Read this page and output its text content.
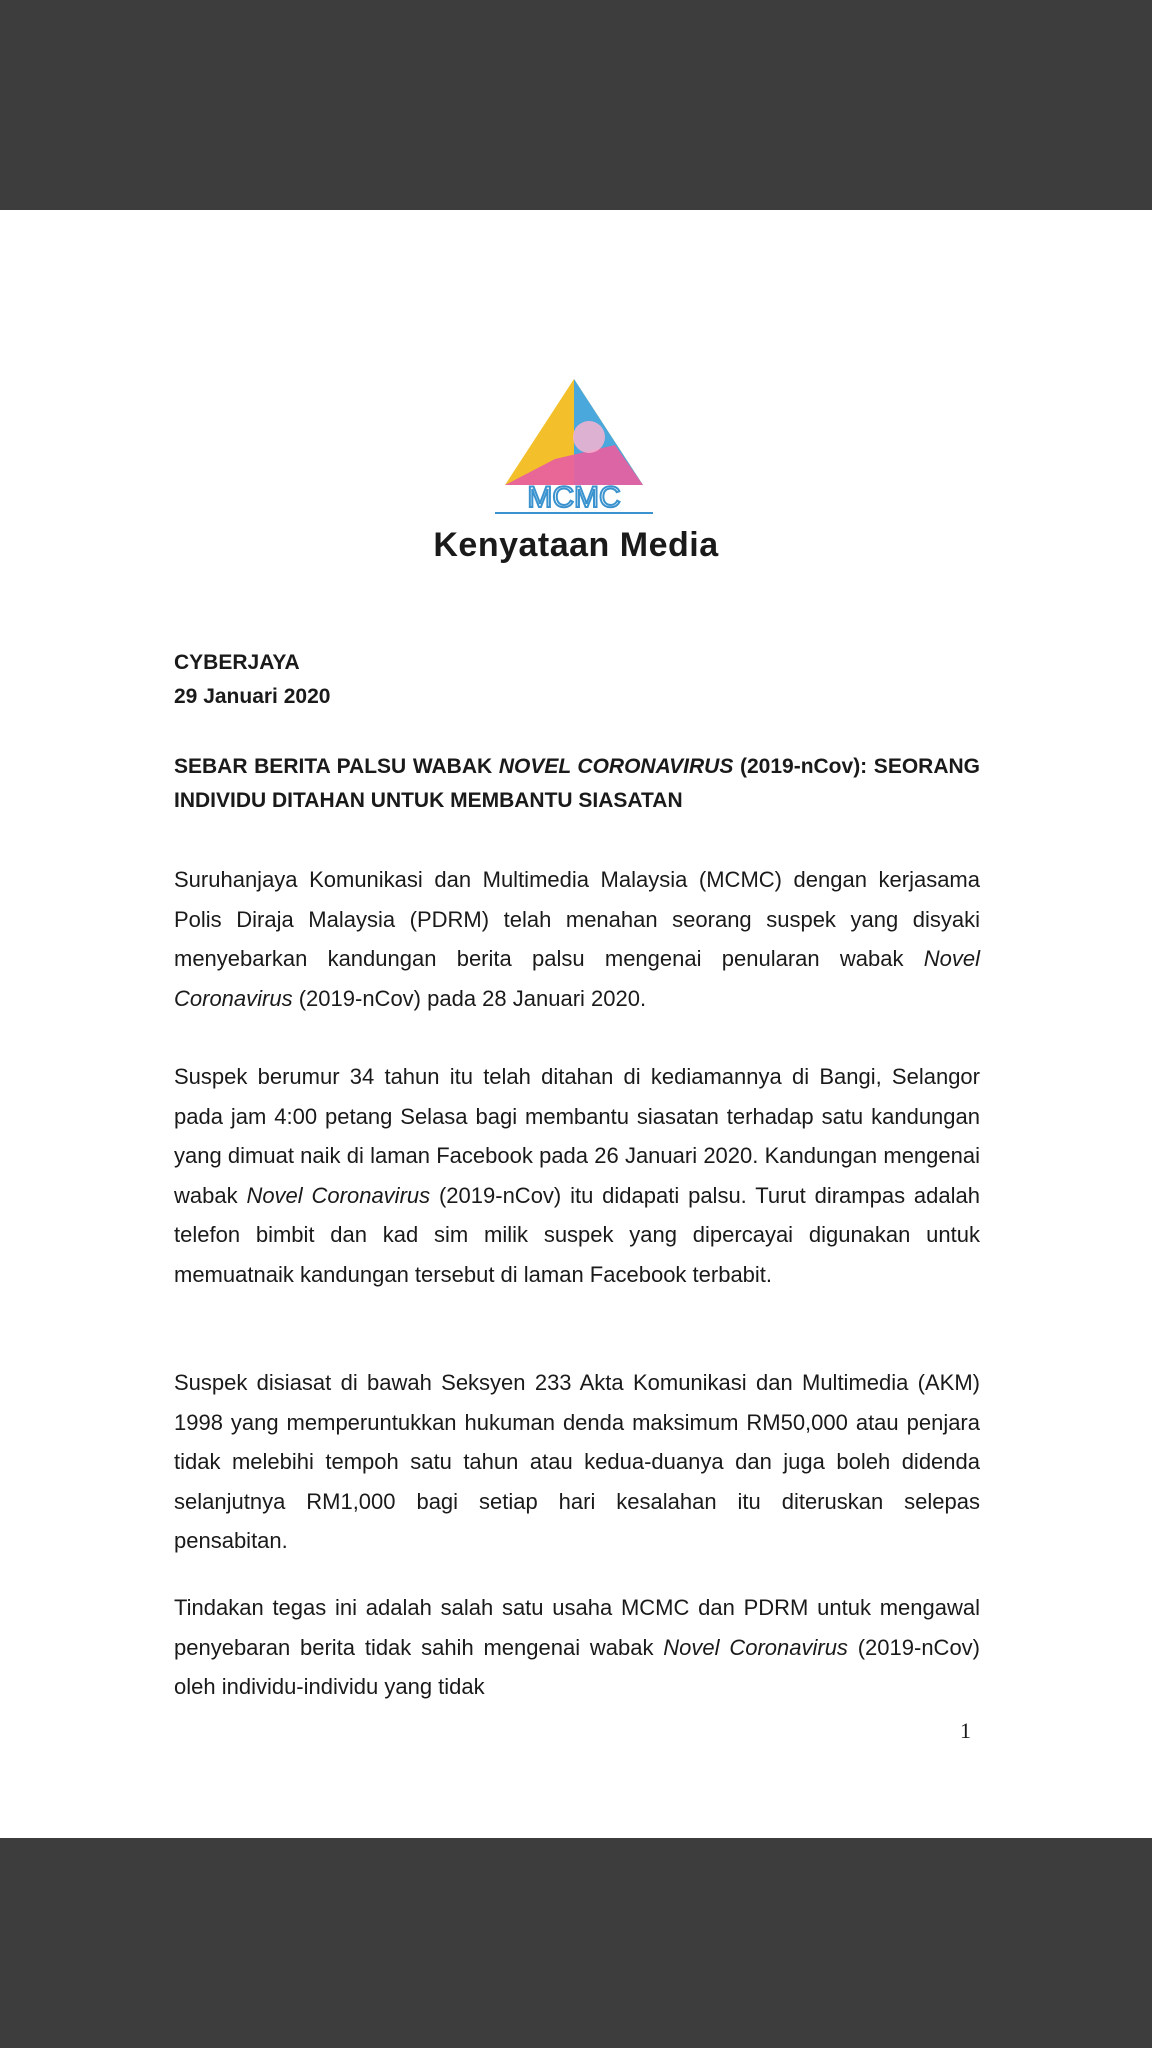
MCMC
Kenyataan Media
CYBERJAYA
29 Januari 2020
SEBAR BERITA PALSU WABAK NOVEL CORONAVIRUS (2019-nCov): SEORANG INDIVIDU DITAHAN UNTUK MEMBANTU SIASATAN

Suruhanjaya Komunikasi dan Multimedia Malaysia (MCMC) dengan kerjasama Polis Diraja Malaysia (PDRM) telah menahan seorang suspek yang disyaki menyebarkan kandungan berita palsu mengenai penularan wabak Novel Coronavirus (2019-nCov) pada 28 Januari 2020.

Suspek berumur 34 tahun itu telah ditahan di kediamannya di Bangi, Selangor pada jam 4:00 petang Selasa bagi membantu siasatan terhadap satu kandungan yang dimuat naik di laman Facebook pada 26 Januari 2020. Kandungan mengenai wabak Novel Coronavirus (2019-nCov) itu didapati palsu. Turut dirampas adalah telefon bimbit dan kad sim milik suspek yang dipercayai digunakan untuk memuatnaik kandungan tersebut di laman Facebook terbabit.

Suspek disiasat di bawah Seksyen 233 Akta Komunikasi dan Multimedia (AKM) 1998 yang memperuntukkan hukuman denda maksimum RM50,000 atau penjara tidak melebihi tempoh satu tahun atau kedua-duanya dan juga boleh didenda selanjutnya RM1,000 bagi setiap hari kesalahan itu diteruskan selepas pensabitan.

Tindakan tegas ini adalah salah satu usaha MCMC dan PDRM untuk mengawal penyebaran berita tidak sahih mengenai wabak Novel Coronavirus (2019-nCov) oleh individu-individu yang tidak

1
